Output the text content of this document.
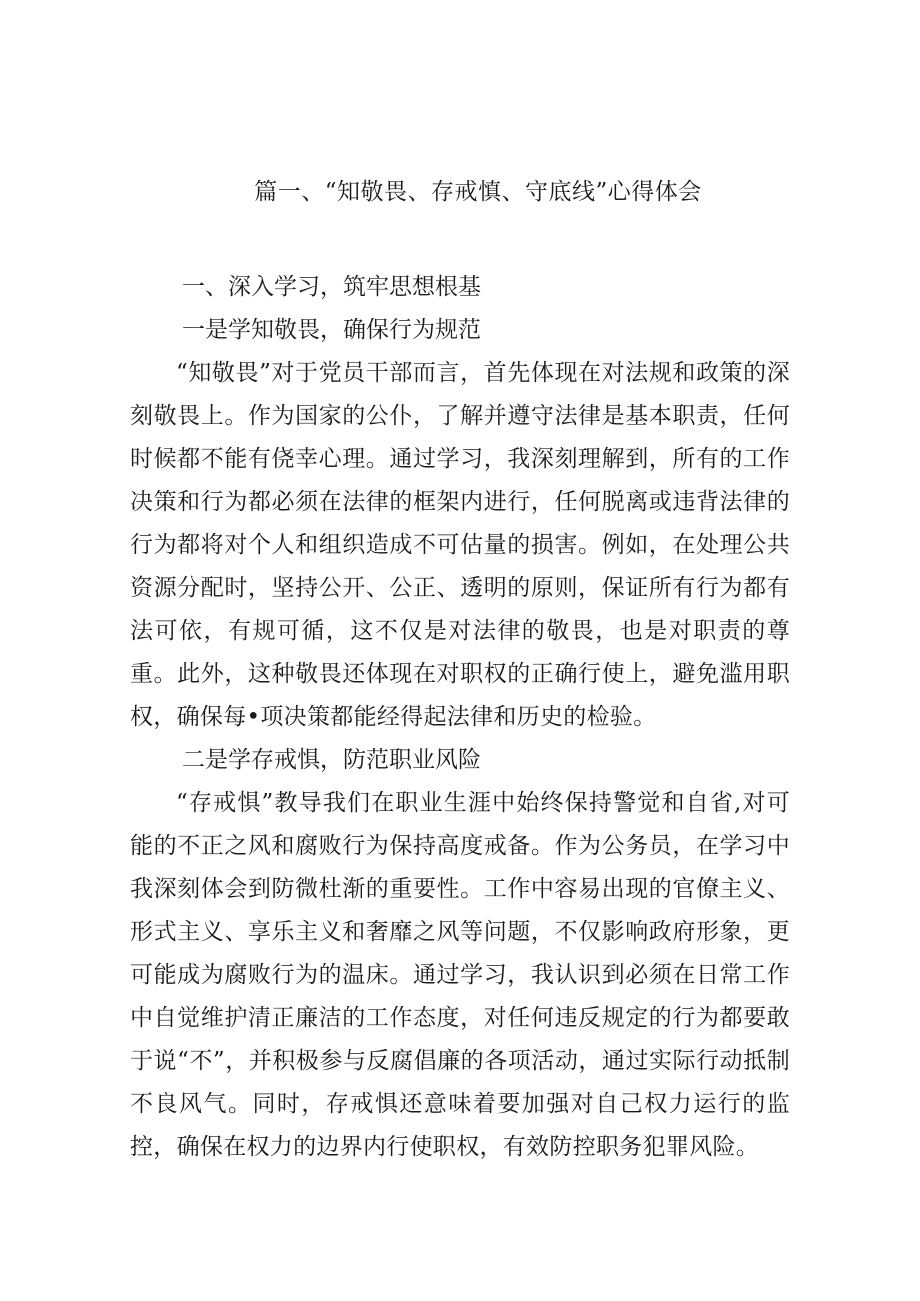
篇一、“知敬畏、存戒慎、守底线”心得体会

一、深入学习，筑牢思想根基

一是学知敬畏，确保行为规范

“知敬畏”对于党员干部而言，首先体现在对法规和政策的深刻敬畏上。作为国家的公仆，了解并遵守法律是基本职责，任何时候都不能有侥幸心理。通过学习，我深刻理解到，所有的工作决策和行为都必须在法律的框架内进行，任何脱离或违背法律的行为都将对个人和组织造成不可估量的损害。例如，在处理公共资源分配时，坚持公开、公正、透明的原则，保证所有行为都有法可依，有规可循，这不仅是对法律的敬畏，也是对职责的尊重。此外，这种敬畏还体现在对职权的正确行使上，避免滥用职权，确保每•项决策都能经得起法律和历史的检验。

二是学存戒惧，防范职业风险

“存戒惧”教导我们在职业生涯中始终保持警觉和自省,对可能的不正之风和腐败行为保持高度戒备。作为公务员，在学习中我深刻体会到防微杜渐的重要性。工作中容易出现的官僚主义、形式主义、享乐主义和奢靡之风等问题，不仅影响政府形象，更可能成为腐败行为的温床。通过学习，我认识到必须在日常工作中自觉维护清正廉洁的工作态度，对任何违反规定的行为都要敢于说“不”，并积极参与反腐倡廉的各项活动，通过实际行动抵制不良风气。同时，存戒惧还意味着要加强对自己权力运行的监控，确保在权力的边界内行使职权，有效防控职务犯罪风险。
